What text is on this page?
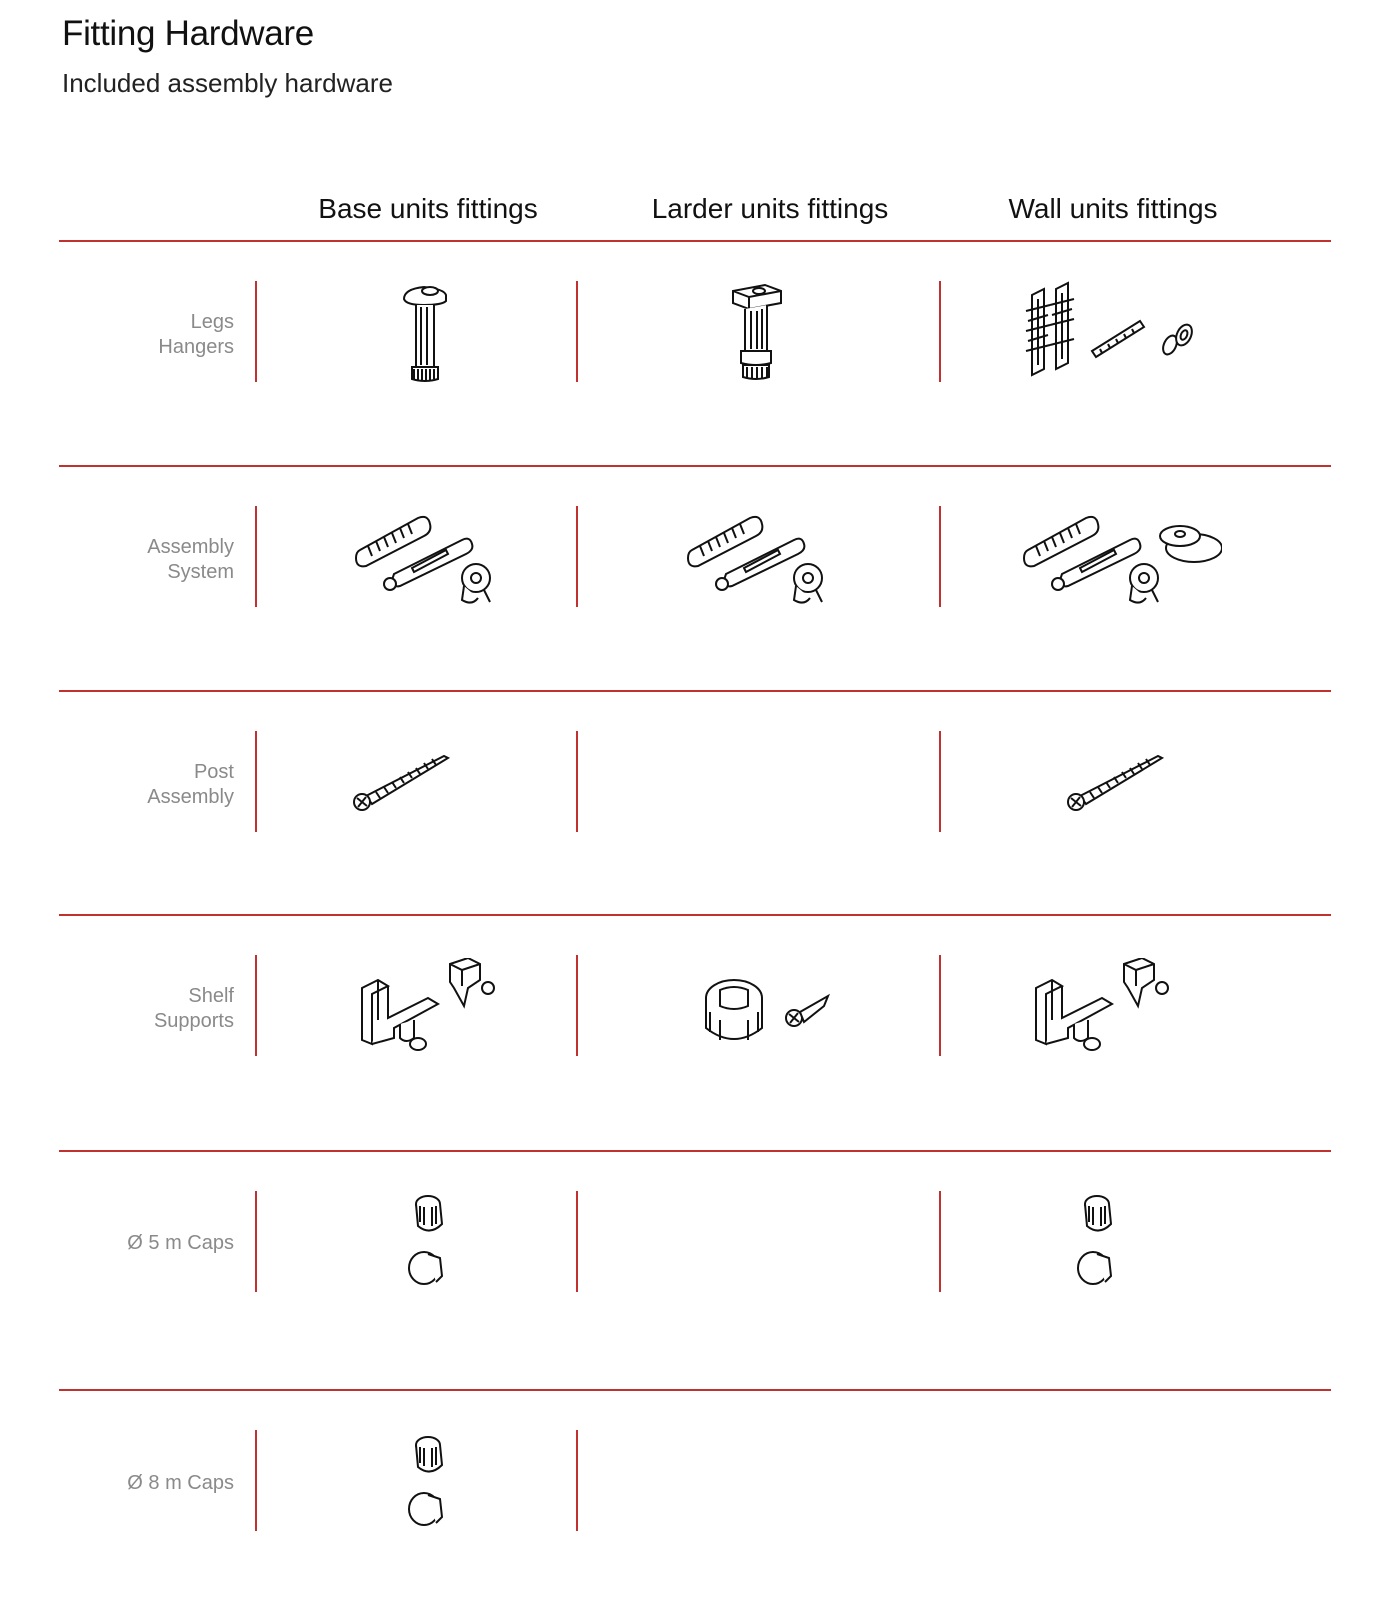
Fitting Hardware
Included assembly hardware
Base units fittings	Larder units fittings	Wall units fittings
Legs
Hangers
Assembly
System
Post
Assembly
Shelf
Supports
Ø 5 m Caps
Ø 8 m Caps
